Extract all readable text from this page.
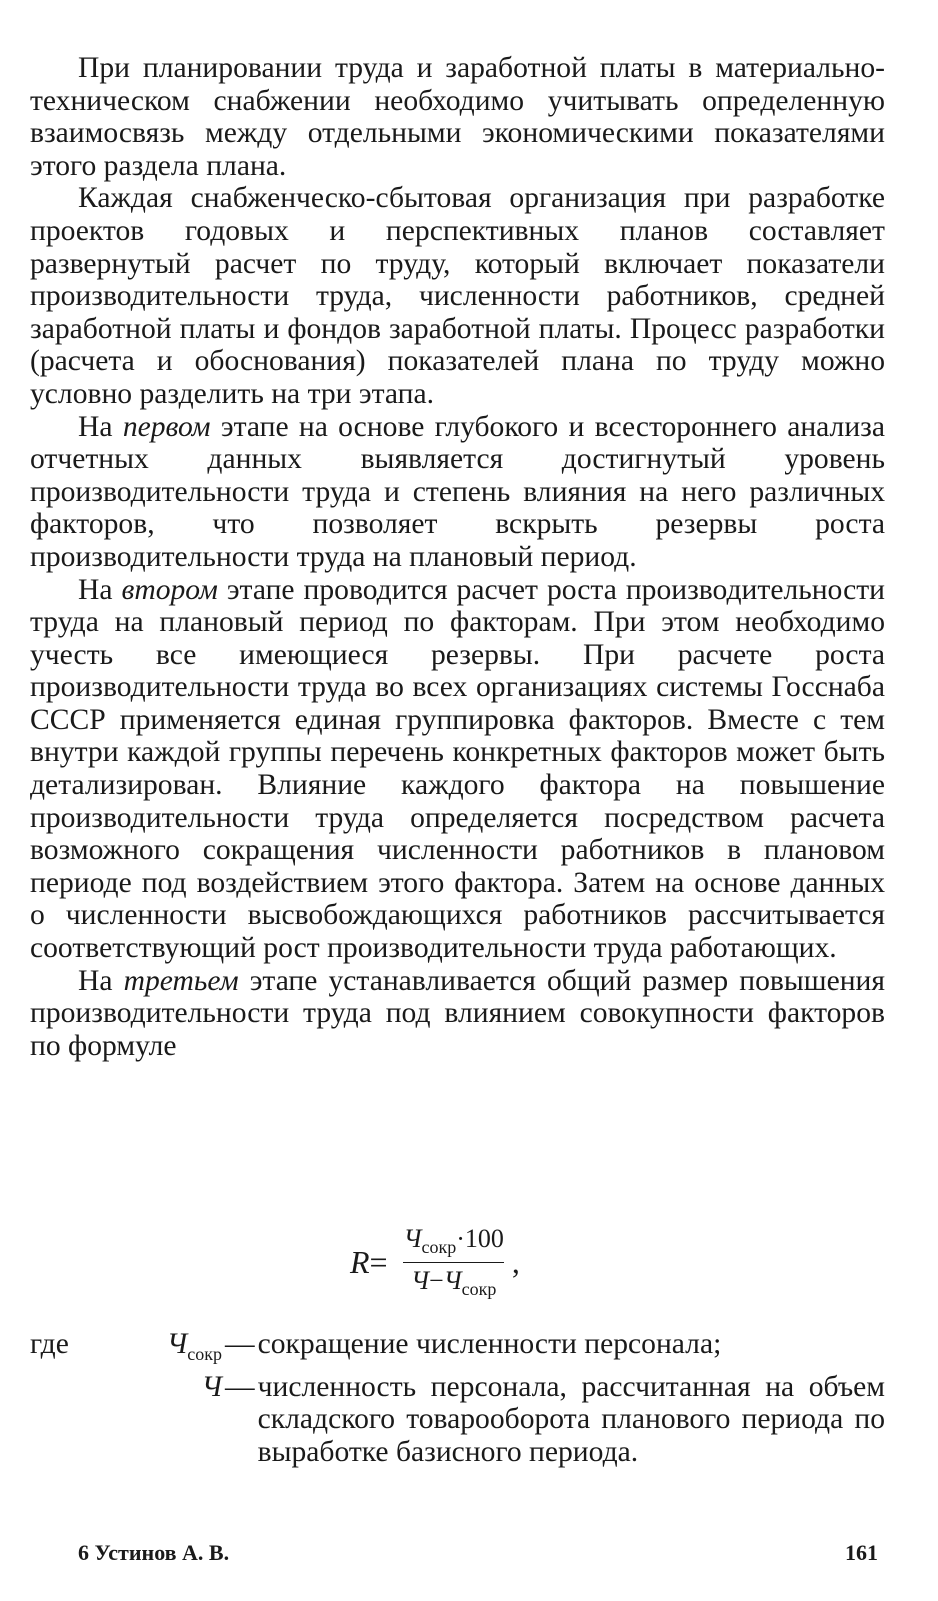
При планировании труда и заработной платы в материально-техническом снабжении необходимо учитывать определенную взаимосвязь между отдельными экономическими показателями этого раздела плана.

Каждая снабженческо-сбытовая организация при разработке проектов годовых и перспективных планов составляет развернутый расчет по труду, который включает показатели производительности труда, численности работников, средней заработной платы и фондов заработной платы. Процесс разработки (расчета и обоснования) показателей плана по труду можно условно разделить на три этапа.

На первом этапе на основе глубокого и всестороннего анализа отчетных данных выявляется достигнутый уровень производительности труда и степень влияния на него различных факторов, что позволяет вскрыть резервы роста производительности труда на плановый период.

На втором этапе проводится расчет роста производительности труда на плановый период по факторам. При этом необходимо учесть все имеющиеся резервы. При расчете роста производительности труда во всех организациях системы Госснаба СССР применяется единая группировка факторов. Вместе с тем внутри каждой группы перечень конкретных факторов может быть детализирован. Влияние каждого фактора на повышение производительности труда определяется посредством расчета возможного сокращения численности работников в плановом периоде под воздействием этого фактора. Затем на основе данных о численности высвобождающихся работников рассчитывается соответствующий рост производительности труда работающих.

На третьем этапе устанавливается общий размер повышения производительности труда под влиянием совокупности факторов по формуле

$R = \frac{Ч_{сокр}\cdot 100}{Ч-Ч_{сокр}}$ ,
где	$Ч_{сокр}$ — сокращение численности персонала;
Ч — численность персонала, рассчитанная на объем складского товарооборота планового периода по выработке базисного периода.
6 Устинов А. В.	161
